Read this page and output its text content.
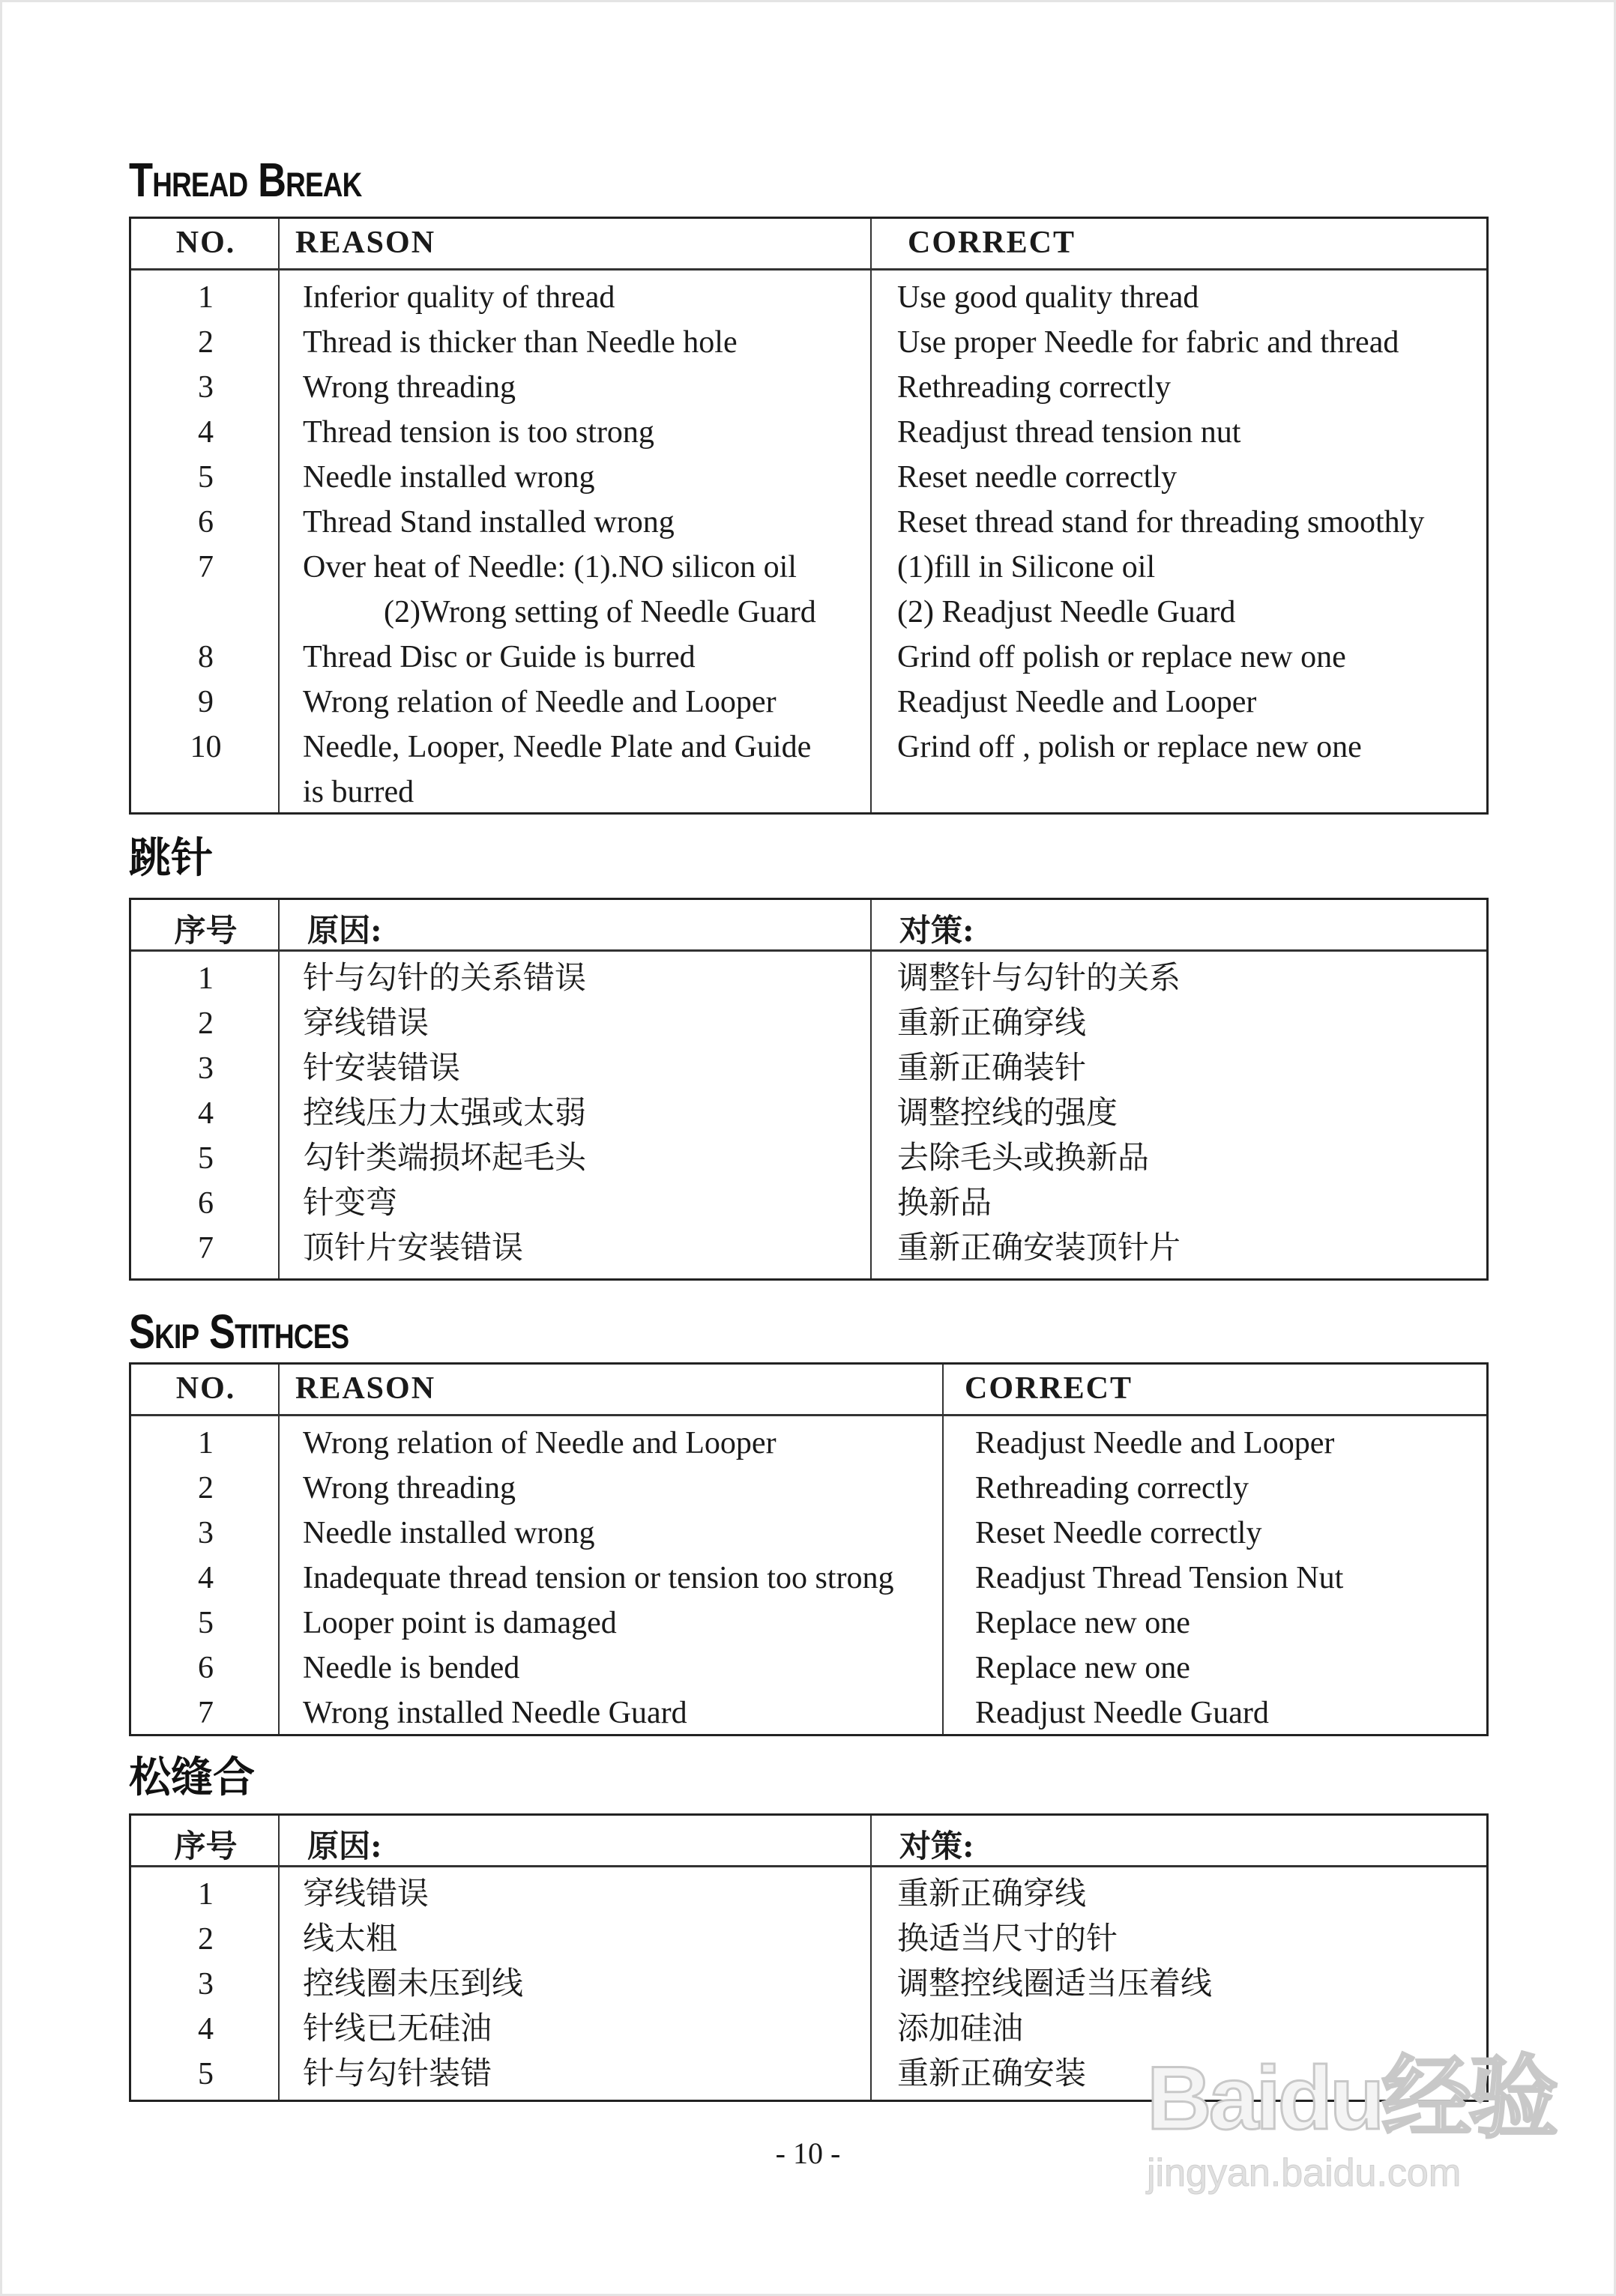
Thread Break
NO.	REASON	CORRECT
1	Inferior quality of thread	Use good quality thread
2	Thread is thicker than Needle hole	Use proper Needle for fabric and thread
3	Wrong threading	Rethreading correctly
4	Thread tension is too strong	Readjust thread tension nut
5	Needle installed wrong	Reset needle correctly
6	Thread Stand installed wrong	Reset thread stand for threading smoothly
7	Over heat of Needle: (1).NO silicon oil	(1)fill in Silicone oil
(2)Wrong setting of Needle Guard	(2) Readjust Needle Guard
8	Thread Disc or Guide is burred	Grind off polish or replace new one
9	Wrong relation of Needle and Looper	Readjust Needle and Looper
10	Needle, Looper, Needle Plate and Guide	Grind off , polish or replace new one
is burred
跳针
序号	原因:	对策:
1	针与勾针的关系错误	调整针与勾针的关系
2	穿线错误	重新正确穿线
3	针安装错误	重新正确装针
4	控线压力太强或太弱	调整控线的强度
5	勾针类端损坏起毛头	去除毛头或换新品
6	针变弯	换新品
7	顶针片安装错误	重新正确安装顶针片
Skip Stithces
NO.	REASON	CORRECT
1	Wrong relation of Needle and Looper	Readjust Needle and Looper
2	Wrong threading	Rethreading correctly
3	Needle installed wrong	Reset Needle correctly
4	Inadequate thread tension or tension too strong	Readjust Thread Tension Nut
5	Looper point is damaged	Replace new one
6	Needle is bended	Replace new one
7	Wrong installed Needle Guard	Readjust Needle Guard
松缝合
序号	原因:	对策:
1	穿线错误	重新正确穿线
2	线太粗	换适当尺寸的针
3	控线圈未压到线	调整控线圈适当压着线
4	针线已无硅油	添加硅油
5	针与勾针装错	重新正确安装
- 10 -
Baidu经验
jingyan.baidu.com
